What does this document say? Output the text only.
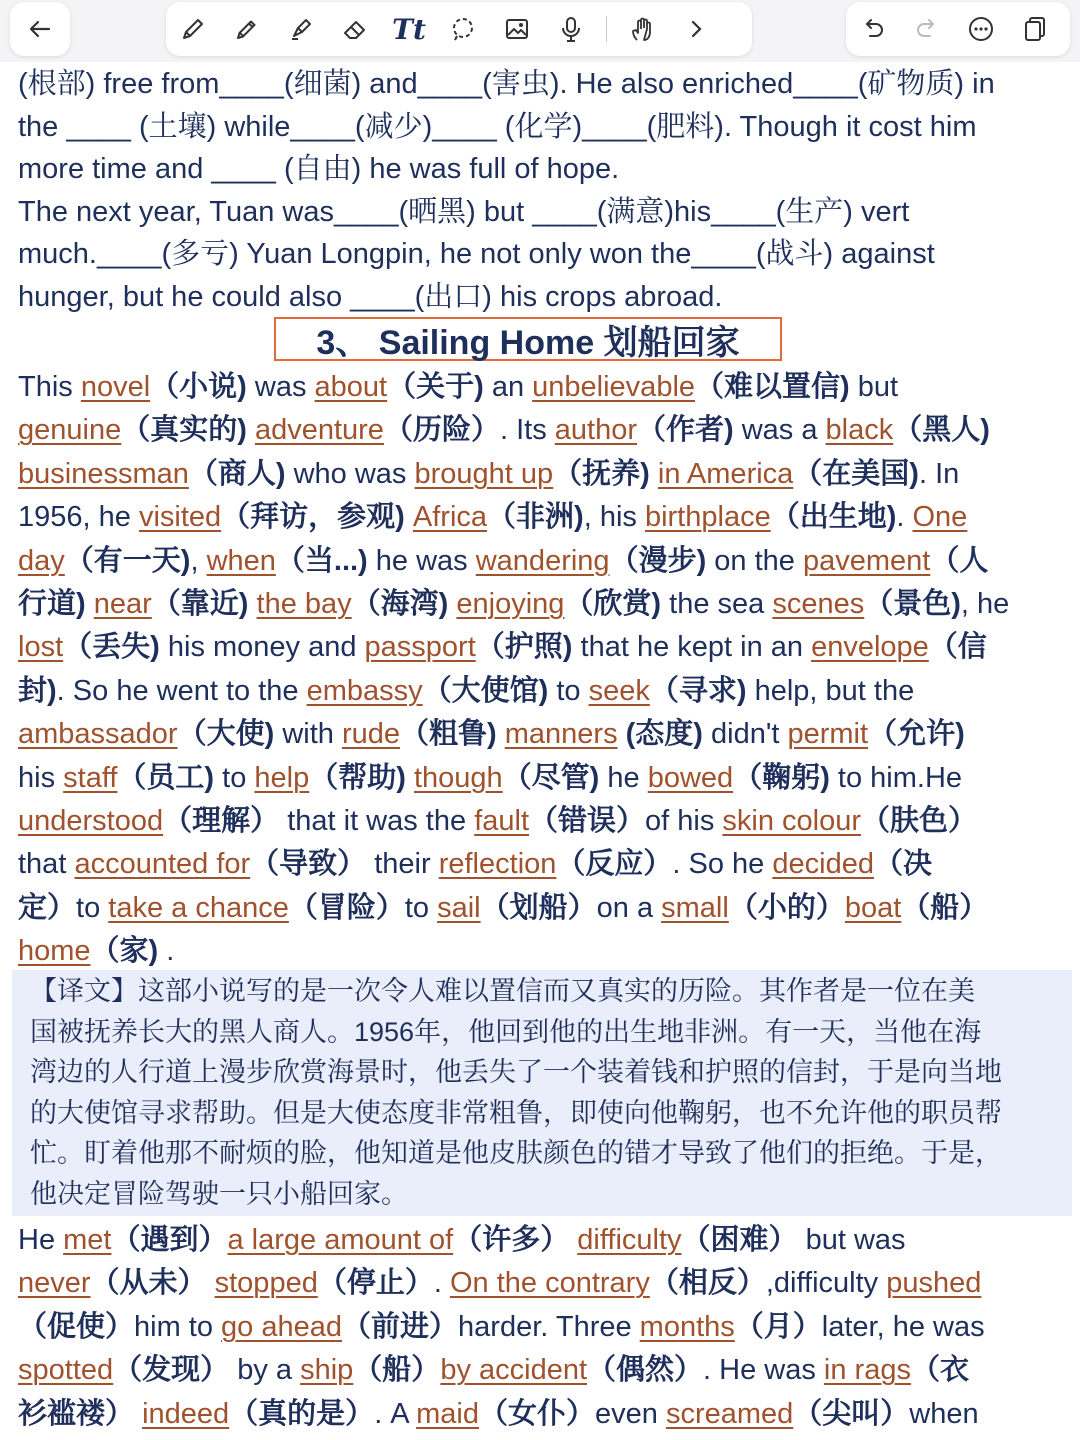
Tt
(根部) free from____(细菌) and____(害虫). He also enriched____(矿物质) in
the ____ (土壤) while____(减少)____ (化学)____(肥料). Though it cost him
more time and ____ (自由) he was full of hope.
The next year, Tuan was____(晒黑) but ____(满意)his____(生产) vert
much.____(多亏) Yuan Longpin, he not only won the____(战斗) against
hunger, but he could also ____(出口) his crops abroad.
3、 Sailing Home 划船回家
This novel（小说) was about（关于) an unbelievable（难以置信) but
genuine（真实的) adventure（历险）. Its author（作者) was a black（黑人)
businessman（商人) who was brought up（抚养) in America（在美国). In
1956, he visited（拜访，参观) Africa（非洲), his birthplace（出生地). One
day（有一天), when（当...) he was wandering（漫步) on the pavement（人
行道) near（靠近) the bay（海湾) enjoying（欣赏) the sea scenes（景色), he
lost（丢失) his money and passport（护照) that he kept in an envelope（信
封). So he went to the embassy（大使馆) to seek（寻求) help, but the
ambassador（大使) with rude（粗鲁) manners (态度) didn't permit（允许)
his staff（员工) to help（帮助) though（尽管) he bowed（鞠躬) to him.He
understood（理解） that it was the fault（错误）of his skin colour（肤色）
that accounted for（导致） their reflection（反应）. So he decided（决
定）to take a chance（冒险）to sail（划船）on a small（小的）boat（船）
home（家) .
【译文】这部小说写的是一次令人难以置信而又真实的历险。其作者是一位在美
国被抚养长大的黑人商人。1956年，他回到他的出生地非洲。有一天，当他在海
湾边的人行道上漫步欣赏海景时，他丢失了一个装着钱和护照的信封，于是向当地
的大使馆寻求帮助。但是大使态度非常粗鲁，即使向他鞠躬，也不允许他的职员帮
忙。盯着他那不耐烦的脸，他知道是他皮肤颜色的错才导致了他们的拒绝。于是，
他决定冒险驾驶一只小船回家。
He met（遇到）a large amount of（许多） difficulty（困难） but was
never（从未） stopped（停止）. On the contrary（相反）,difficulty pushed
（促使）him to go ahead（前进）harder. Three months（月）later, he was
spotted（发现） by a ship（船）by accident（偶然）. He was in rags（衣
衫褴褛） indeed（真的是）. A maid（女仆）even screamed（尖叫）when
